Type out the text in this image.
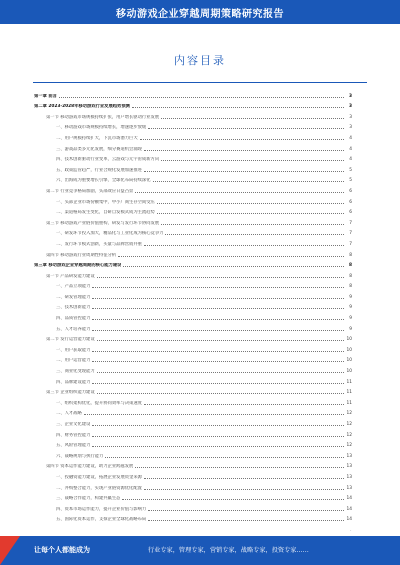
移动游戏企业穿越周期策略研究报告
内容目录
第一章 前言	3
第二章 2023-2028年移动游戏行业发展趋势预测	3
第一节 移动游戏市场规模持续扩张，用户增长驱动行业发展	3
一、移动游戏市场规模持续增长，增速逐步放缓	3
二、用户规模持续扩大，下沉市场潜力巨大	4
三、游戏品类多元化发展，细分赛道机会涌现	4
四、技术创新驱动行业变革，云游戏与元宇宙成新方向	4
五、政策监管趋严，行业合规化发展加速推进	5
六、出海成为重要增长引擎，全球化布局持续深化	5
第二节 行业竞争格局加剧，头部效应日益凸显	6
一、头部企业市场份额集中，中小厂商生存空间受压	6
二、渠道格局发生变化，自研自发模式成为主流趋势	6
第三节 移动游戏产业链价值重构，研发与发行环节协同发展	7
一、研发环节投入加大，精品化与工业化成为核心竞争力	7
二、发行环节模式创新，买量与品牌营销并重	7
第四节 移动游戏行业周期性特征分析	8
第三章 移动游戏企业穿越周期的核心能力建设	8
第一节 产品研发能力建设	8
一、产品立项能力	8
二、研发管理能力	9
三、技术创新能力	9
四、品质管控能力	9
五、人才培养能力	9
第二节 发行运营能力建设	10
一、用户获取能力	10
二、用户运营能力	10
三、商业化变现能力	10
四、品牌建设能力	11
第三节 企业组织能力建设	11
一、组织架构优化，提升协同效率与决策速度	11
二、人才战略	12
三、企业文化建设	12
四、财务管控能力	12
五、风险管理能力	12
六、战略规划与执行能力	13
第四节 资本运作能力建设，助力企业跨越发展	13
一、投融资能力建设，拓展企业发展资金来源	13
二、并购整合能力，实现产业链资源优化配置	13
三、战略合作能力，构建共赢生态	14
四、资本市场运作能力，提升企业价值与影响力	14
五、国际化资本运作，支撑企业全球化战略布局	14
·
让每个人都能成为	行业专家，管理专家，营销专家，战略专家，投资专家……
